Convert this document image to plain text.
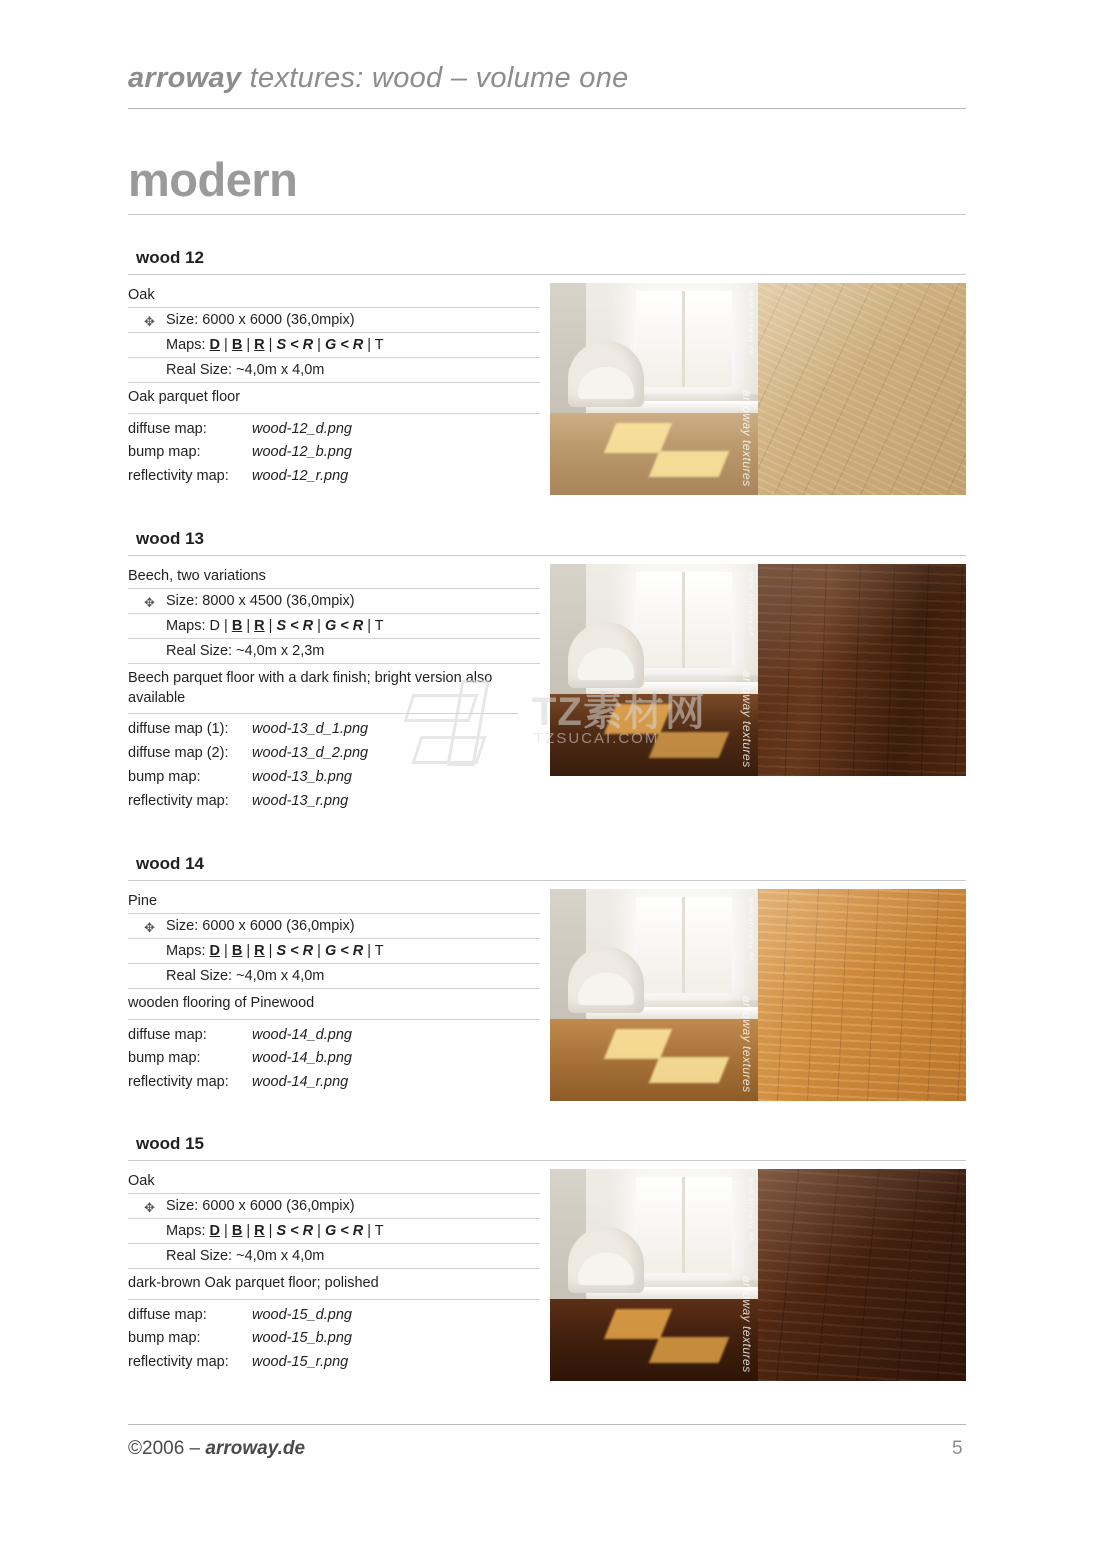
arroway textures: wood – volume one
modern
wood 12
Oak
✥ Size: 6000 x 6000 (36,0mpix)
Maps: D | B | R | S < R | G < R | T
Real Size: ~4,0m x 4,0m
Oak parquet floor
diffuse map:	wood-12_d.png
bump map:	wood-12_b.png
reflectivity map: wood-12_r.png
www.arroway.de
arroway textures
wood 13
Beech, two variations
✥ Size: 8000 x 4500 (36,0mpix)
Maps: D | B | R | S < R | G < R | T
Real Size: ~4,0m x 2,3m
Beech parquet floor with a dark finish; bright version also available
diffuse map (1): wood-13_d_1.png
diffuse map (2): wood-13_d_2.png
bump map:	wood-13_b.png
reflectivity map: wood-13_r.png
www.arroway.de
arroway textures
wood 14
Pine
✥ Size: 6000 x 6000 (36,0mpix)
Maps: D | B | R | S < R | G < R | T
Real Size: ~4,0m x 4,0m
wooden flooring of Pinewood
diffuse map:	wood-14_d.png
bump map:	wood-14_b.png
reflectivity map: wood-14_r.png
www.arroway.de
arroway textures
wood 15
Oak
✥ Size: 6000 x 6000 (36,0mpix)
Maps: D | B | R | S < R | G < R | T
Real Size: ~4,0m x 4,0m
dark-brown Oak parquet floor; polished
diffuse map:	wood-15_d.png
bump map:	wood-15_b.png
reflectivity map: wood-15_r.png
www.arroway.de
arroway textures
TZ素材网
TZSUCAI.COM
©2006 – arroway.de	5
